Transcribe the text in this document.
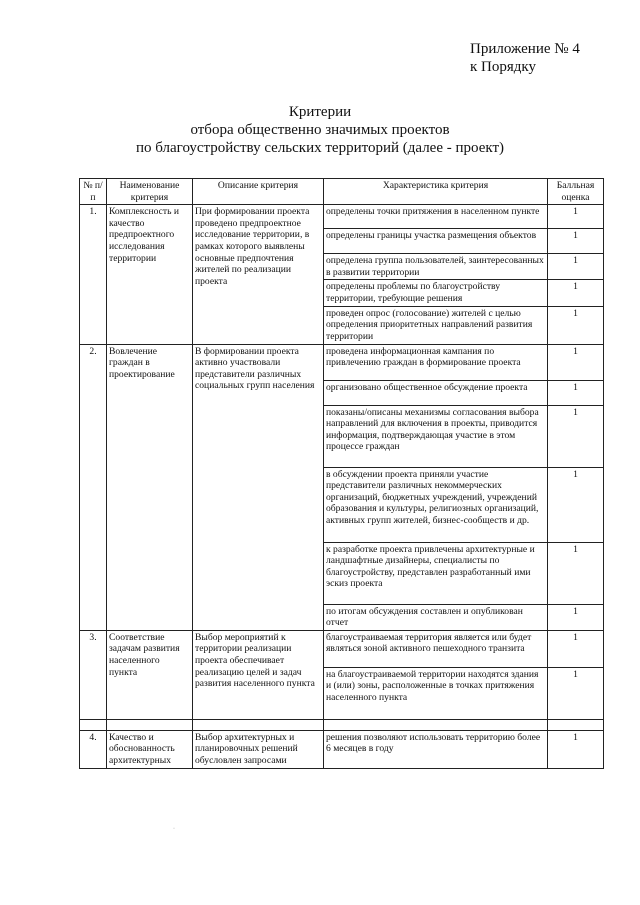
Приложение № 4
к Порядку
Критерии
отбора общественно значимых проектов
по благоустройству сельских территорий (далее - проект)
№ п/п	Наименование критерия	Описание критерия	Характеристика критерия	Балльная оценка
1.	Комплексность и качество предпроектного исследования территории	При формировании проекта проведено предпроектное исследование территории, в рамках которого выявлены основные предпочтения жителей по реализации проекта	определены точки притяжения в населенном пункте	1
			определены границы участка размещения объектов	1
			определена группа пользователей, заинтересованных в развитии территории	1
			определены проблемы по благоустройству территории, требующие решения	1
			проведен опрос (голосование) жителей с целью определения приоритетных направлений развития территории	1
2.	Вовлечение граждан в проектирование	В формировании проекта активно участвовали представители различных социальных групп населения	проведена информационная кампания по привлечению граждан в формирование проекта	1
			организовано общественное обсуждение проекта	1
			показаны/описаны механизмы согласования выбора направлений для включения в проекты, приводится информация, подтверждающая участие в этом процессе граждан	1
			в обсуждении проекта приняли участие представители различных некоммерческих организаций, бюджетных учреждений, учреждений образования и культуры, религиозных организаций, активных групп жителей, бизнес-сообществ и др.	1
			к разработке проекта привлечены архитектурные и ландшафтные дизайнеры, специалисты по благоустройству, представлен разработанный ими эскиз проекта	1
			по итогам обсуждения составлен и опубликован отчет	1
3.	Соответствие задачам развития населенного пункта	Выбор мероприятий к территории реализации проекта обеспечивает реализацию целей и задач развития населенного пункта	благоустраиваемая территория является или будет являться зоной активного пешеходного транзита	1
			на благоустраиваемой территории находятся здания и (или) зоны, расположенные в точках притяжения населенного пункта	1

4.	Качество и обоснованность архитектурных	Выбор архитектурных и планировочных решений обусловлен запросами	решения позволяют использовать территорию более 6 месяцев в году	1
·
